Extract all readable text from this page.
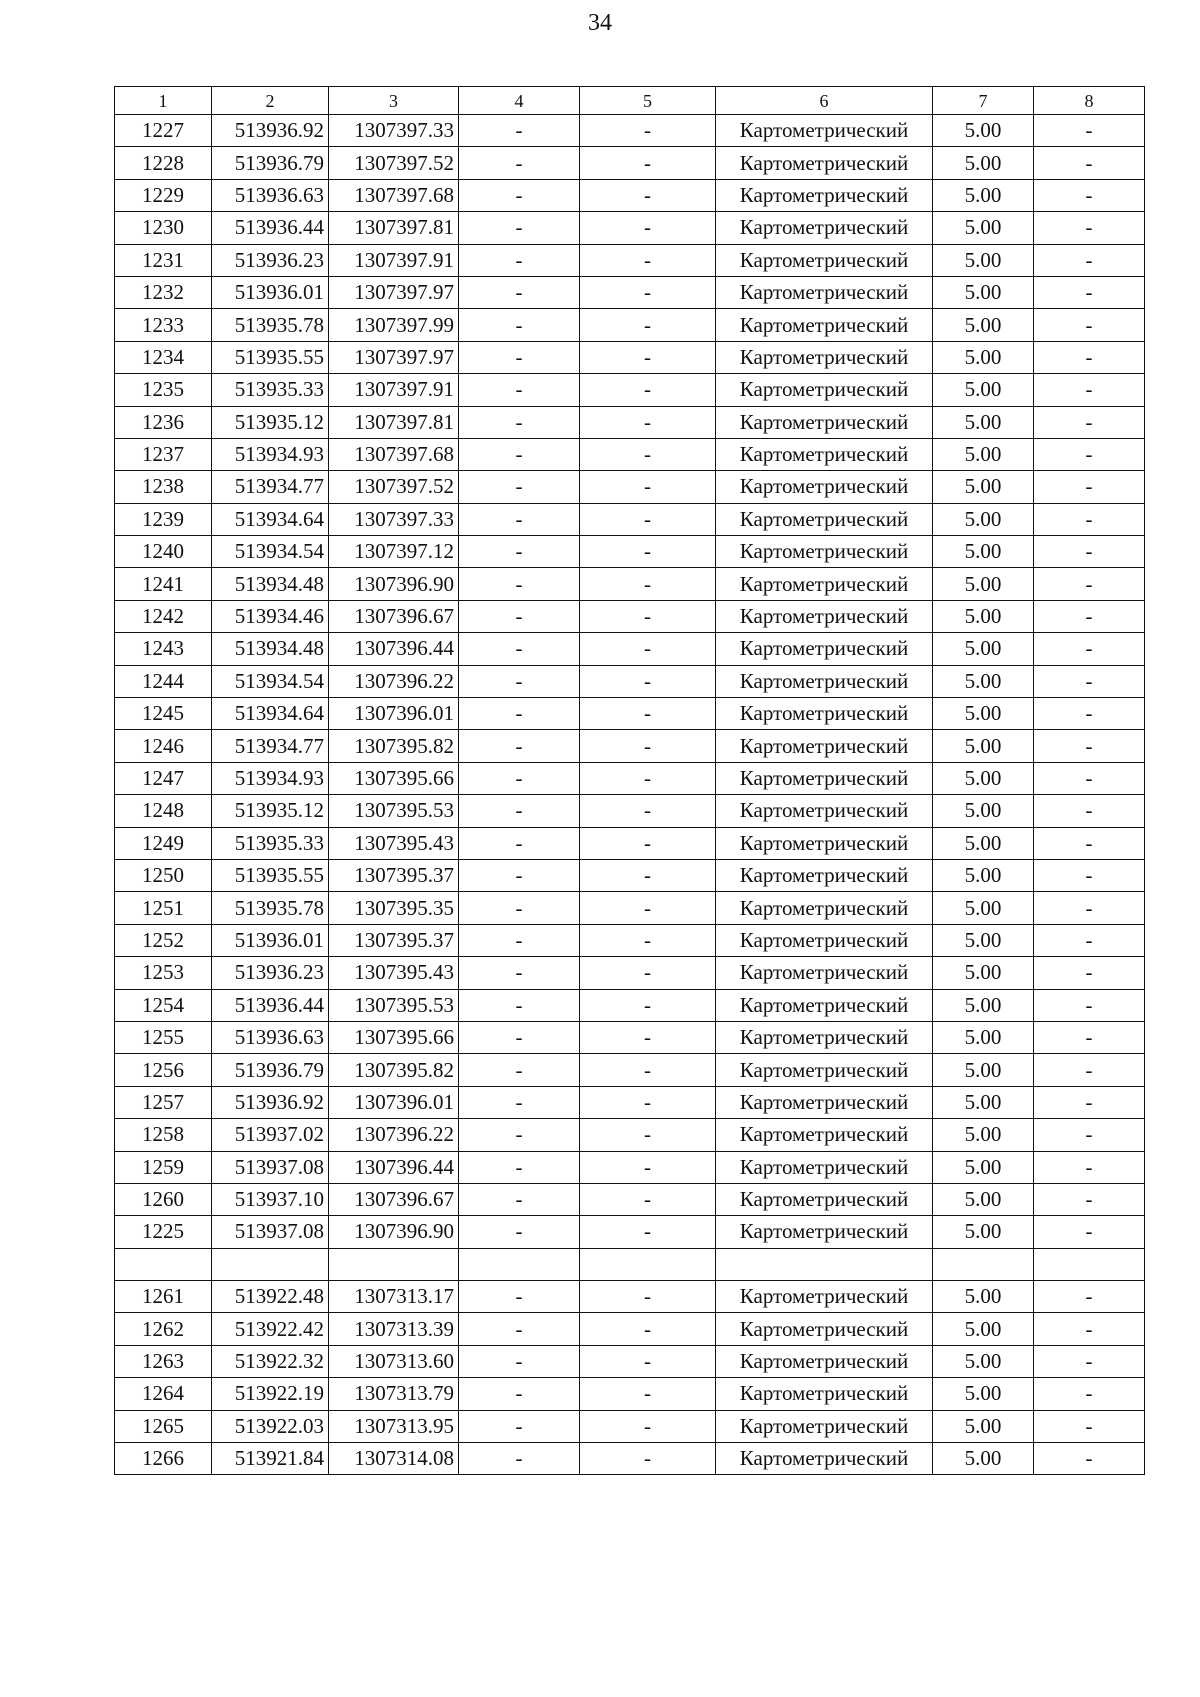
34
1	2	3	4	5	6	7	8
1227	513936.92	1307397.33	-	-	Картометрический	5.00	-
1228	513936.79	1307397.52	-	-	Картометрический	5.00	-
1229	513936.63	1307397.68	-	-	Картометрический	5.00	-
1230	513936.44	1307397.81	-	-	Картометрический	5.00	-
1231	513936.23	1307397.91	-	-	Картометрический	5.00	-
1232	513936.01	1307397.97	-	-	Картометрический	5.00	-
1233	513935.78	1307397.99	-	-	Картометрический	5.00	-
1234	513935.55	1307397.97	-	-	Картометрический	5.00	-
1235	513935.33	1307397.91	-	-	Картометрический	5.00	-
1236	513935.12	1307397.81	-	-	Картометрический	5.00	-
1237	513934.93	1307397.68	-	-	Картометрический	5.00	-
1238	513934.77	1307397.52	-	-	Картометрический	5.00	-
1239	513934.64	1307397.33	-	-	Картометрический	5.00	-
1240	513934.54	1307397.12	-	-	Картометрический	5.00	-
1241	513934.48	1307396.90	-	-	Картометрический	5.00	-
1242	513934.46	1307396.67	-	-	Картометрический	5.00	-
1243	513934.48	1307396.44	-	-	Картометрический	5.00	-
1244	513934.54	1307396.22	-	-	Картометрический	5.00	-
1245	513934.64	1307396.01	-	-	Картометрический	5.00	-
1246	513934.77	1307395.82	-	-	Картометрический	5.00	-
1247	513934.93	1307395.66	-	-	Картометрический	5.00	-
1248	513935.12	1307395.53	-	-	Картометрический	5.00	-
1249	513935.33	1307395.43	-	-	Картометрический	5.00	-
1250	513935.55	1307395.37	-	-	Картометрический	5.00	-
1251	513935.78	1307395.35	-	-	Картометрический	5.00	-
1252	513936.01	1307395.37	-	-	Картометрический	5.00	-
1253	513936.23	1307395.43	-	-	Картометрический	5.00	-
1254	513936.44	1307395.53	-	-	Картометрический	5.00	-
1255	513936.63	1307395.66	-	-	Картометрический	5.00	-
1256	513936.79	1307395.82	-	-	Картометрический	5.00	-
1257	513936.92	1307396.01	-	-	Картометрический	5.00	-
1258	513937.02	1307396.22	-	-	Картометрический	5.00	-
1259	513937.08	1307396.44	-	-	Картометрический	5.00	-
1260	513937.10	1307396.67	-	-	Картометрический	5.00	-
1225	513937.08	1307396.90	-	-	Картометрический	5.00	-

1261	513922.48	1307313.17	-	-	Картометрический	5.00	-
1262	513922.42	1307313.39	-	-	Картометрический	5.00	-
1263	513922.32	1307313.60	-	-	Картометрический	5.00	-
1264	513922.19	1307313.79	-	-	Картометрический	5.00	-
1265	513922.03	1307313.95	-	-	Картометрический	5.00	-
1266	513921.84	1307314.08	-	-	Картометрический	5.00	-
